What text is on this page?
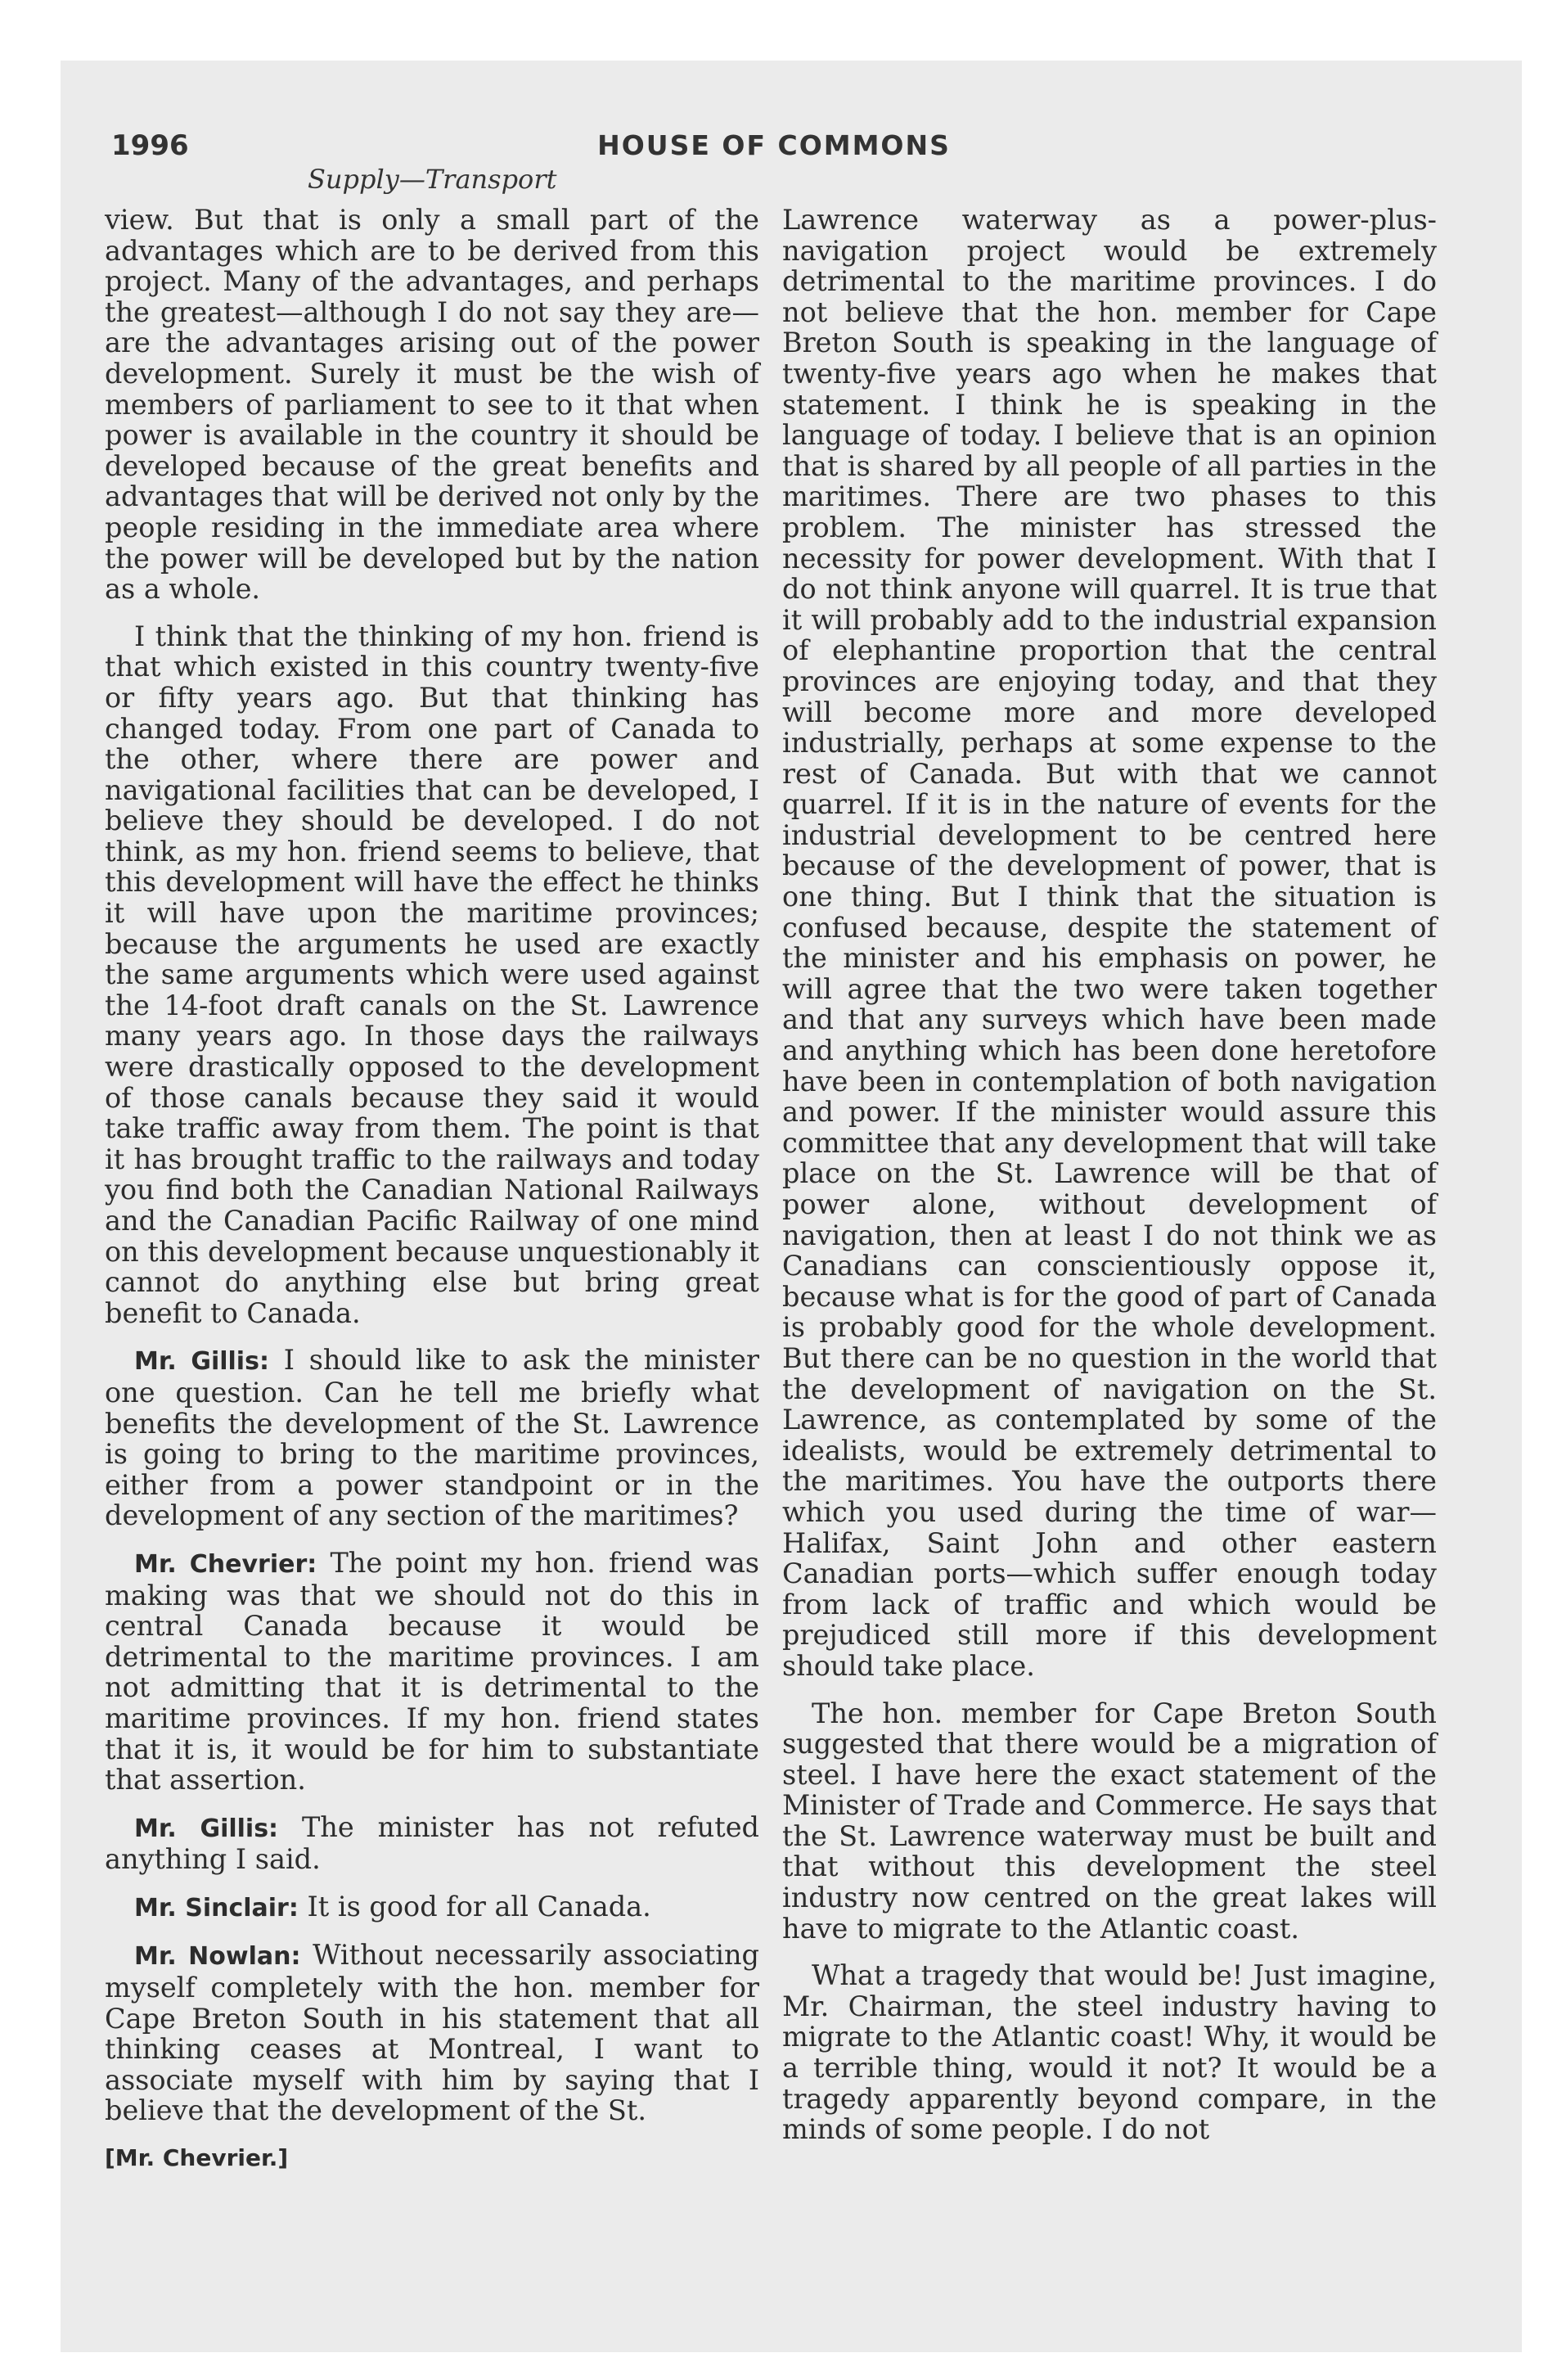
1996	HOUSE OF COMMONS
Supply—Transport

view. But that is only a small part of the advantages which are to be derived from this project. Many of the advantages, and perhaps the greatest—although I do not say they are—are the advantages arising out of the power development. Surely it must be the wish of members of parliament to see to it that when power is available in the country it should be developed because of the great benefits and advantages that will be derived not only by the people residing in the immediate area where the power will be developed but by the nation as a whole.

I think that the thinking of my hon. friend is that which existed in this country twenty-five or fifty years ago. But that thinking has changed today. From one part of Canada to the other, where there are power and navigational facilities that can be developed, I believe they should be developed. I do not think, as my hon. friend seems to believe, that this development will have the effect he thinks it will have upon the maritime provinces; because the arguments he used are exactly the same arguments which were used against the 14-foot draft canals on the St. Lawrence many years ago. In those days the railways were drastically opposed to the development of those canals because they said it would take traffic away from them. The point is that it has brought traffic to the railways and today you find both the Canadian National Railways and the Canadian Pacific Railway of one mind on this development because unquestionably it cannot do anything else but bring great benefit to Canada.

Mr. Gillis: I should like to ask the minister one question. Can he tell me briefly what benefits the development of the St. Lawrence is going to bring to the maritime provinces, either from a power standpoint or in the development of any section of the maritimes?

Mr. Chevrier: The point my hon. friend was making was that we should not do this in central Canada because it would be detrimental to the maritime provinces. I am not admitting that it is detrimental to the maritime provinces. If my hon. friend states that it is, it would be for him to substantiate that assertion.

Mr. Gillis: The minister has not refuted anything I said.

Mr. Sinclair: It is good for all Canada.

Mr. Nowlan: Without necessarily associating myself completely with the hon. member for Cape Breton South in his statement that all thinking ceases at Montreal, I want to associate myself with him by saying that I believe that the development of the St.

[Mr. Chevrier.]

Lawrence waterway as a power-plus-navigation project would be extremely detrimental to the maritime provinces. I do not believe that the hon. member for Cape Breton South is speaking in the language of twenty-five years ago when he makes that statement. I think he is speaking in the language of today. I believe that is an opinion that is shared by all people of all parties in the maritimes. There are two phases to this problem. The minister has stressed the necessity for power development. With that I do not think anyone will quarrel. It is true that it will probably add to the industrial expansion of elephantine proportion that the central provinces are enjoying today, and that they will become more and more developed industrially, perhaps at some expense to the rest of Canada. But with that we cannot quarrel. If it is in the nature of events for the industrial development to be centred here because of the development of power, that is one thing. But I think that the situation is confused because, despite the statement of the minister and his emphasis on power, he will agree that the two were taken together and that any surveys which have been made and anything which has been done heretofore have been in contemplation of both navigation and power. If the minister would assure this committee that any development that will take place on the St. Lawrence will be that of power alone, without development of navigation, then at least I do not think we as Canadians can conscientiously oppose it, because what is for the good of part of Canada is probably good for the whole development. But there can be no question in the world that the development of navigation on the St. Lawrence, as contemplated by some of the idealists, would be extremely detrimental to the maritimes. You have the outports there which you used during the time of war—Halifax, Saint John and other eastern Canadian ports—which suffer enough today from lack of traffic and which would be prejudiced still more if this development should take place.

The hon. member for Cape Breton South suggested that there would be a migration of steel. I have here the exact statement of the Minister of Trade and Commerce. He says that the St. Lawrence waterway must be built and that without this development the steel industry now centred on the great lakes will have to migrate to the Atlantic coast.

What a tragedy that would be! Just imagine, Mr. Chairman, the steel industry having to migrate to the Atlantic coast! Why, it would be a terrible thing, would it not? It would be a tragedy apparently beyond compare, in the minds of some people. I do not
